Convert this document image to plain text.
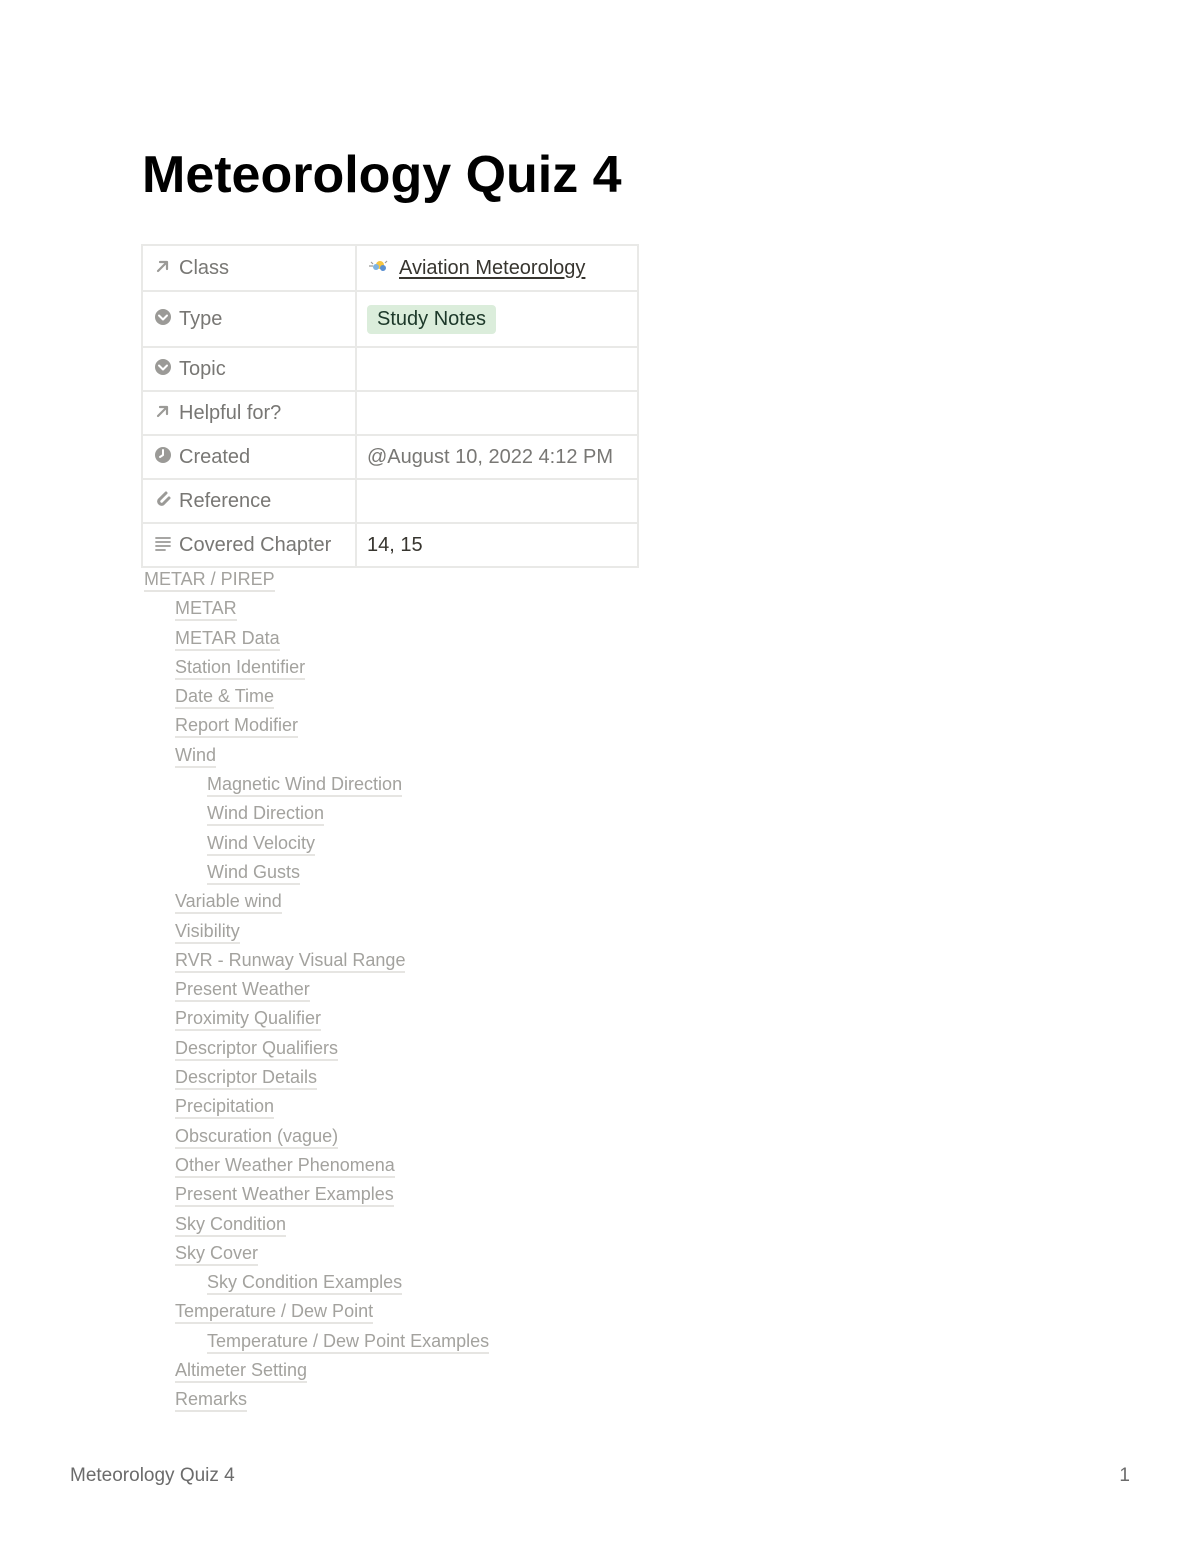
Meteorology Quiz 4
Class	Aviation Meteorology
Type	Study Notes
Topic	
Helpful for?	
Created	@August 10, 2022 4:12 PM
Reference	
Covered Chapter	14, 15
METAR / PIREP
METAR
METAR Data
Station Identifier
Date & Time
Report Modifier
Wind
Magnetic Wind Direction
Wind Direction
Wind Velocity
Wind Gusts
Variable wind
Visibility
RVR - Runway Visual Range
Present Weather
Proximity Qualifier
Descriptor Qualifiers
Descriptor Details
Precipitation
Obscuration (vague)
Other Weather Phenomena
Present Weather Examples
Sky Condition
Sky Cover
Sky Condition Examples
Temperature / Dew Point
Temperature / Dew Point Examples
Altimeter Setting
Remarks
Meteorology Quiz 4	1
